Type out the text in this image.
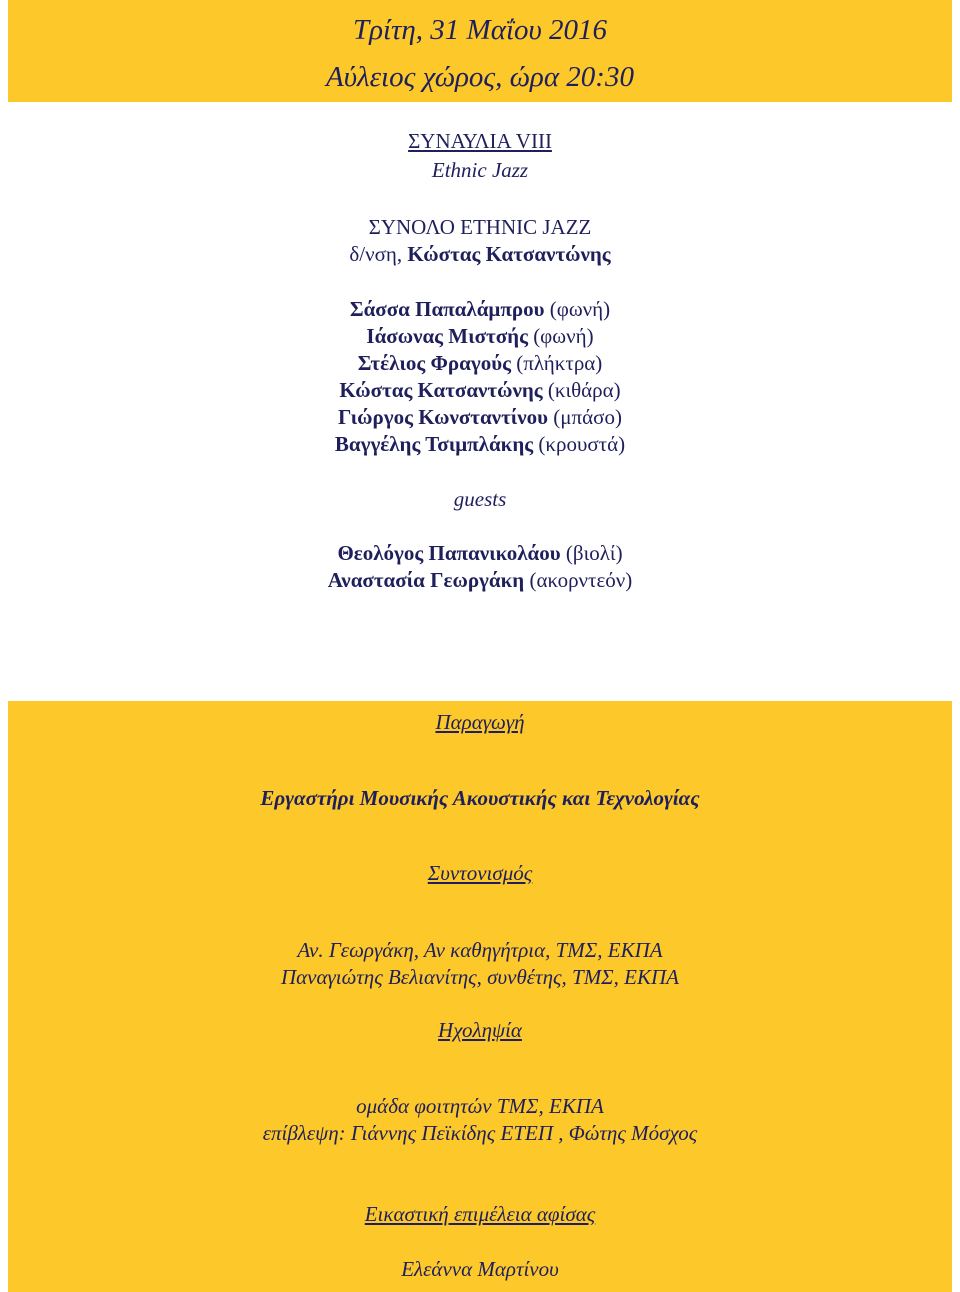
Τρίτη, 31 Μαΐου 2016
Αύλειος χώρος, ώρα 20:30
ΣΥΝΑΥΛΙΑ VIII
Ethnic Jazz
ΣΥΝΟΛΟ ETHNIC JAZZ
δ/νση, Κώστας Κατσαντώνης
Σάσσα Παπαλάμπρου (φωνή)
Ιάσωνας Μιστσής (φωνή)
Στέλιος Φραγούς (πλήκτρα)
Κώστας Κατσαντώνης (κιθάρα)
Γιώργος Κωνσταντίνου (μπάσο)
Βαγγέλης Τσιμπλάκης (κρουστά)
guests
Θεολόγος Παπανικολάου (βιολί)
Αναστασία Γεωργάκη (ακορντεόν)
Παραγωγή
Εργαστήρι Μουσικής Ακουστικής και Τεχνολογίας
Συντονισμός
Αν. Γεωργάκη, Αν καθηγήτρια, ΤΜΣ, ΕΚΠΑ
Παναγιώτης Βελιανίτης, συνθέτης, ΤΜΣ, ΕΚΠΑ
Ηχοληψία
ομάδα φοιτητών ΤΜΣ, ΕΚΠΑ
επίβλεψη: Γιάννης Πεϊκίδης ΕΤΕΠ , Φώτης Μόσχος
Εικαστική επιμέλεια αφίσας
Ελεάννα Μαρτίνου
